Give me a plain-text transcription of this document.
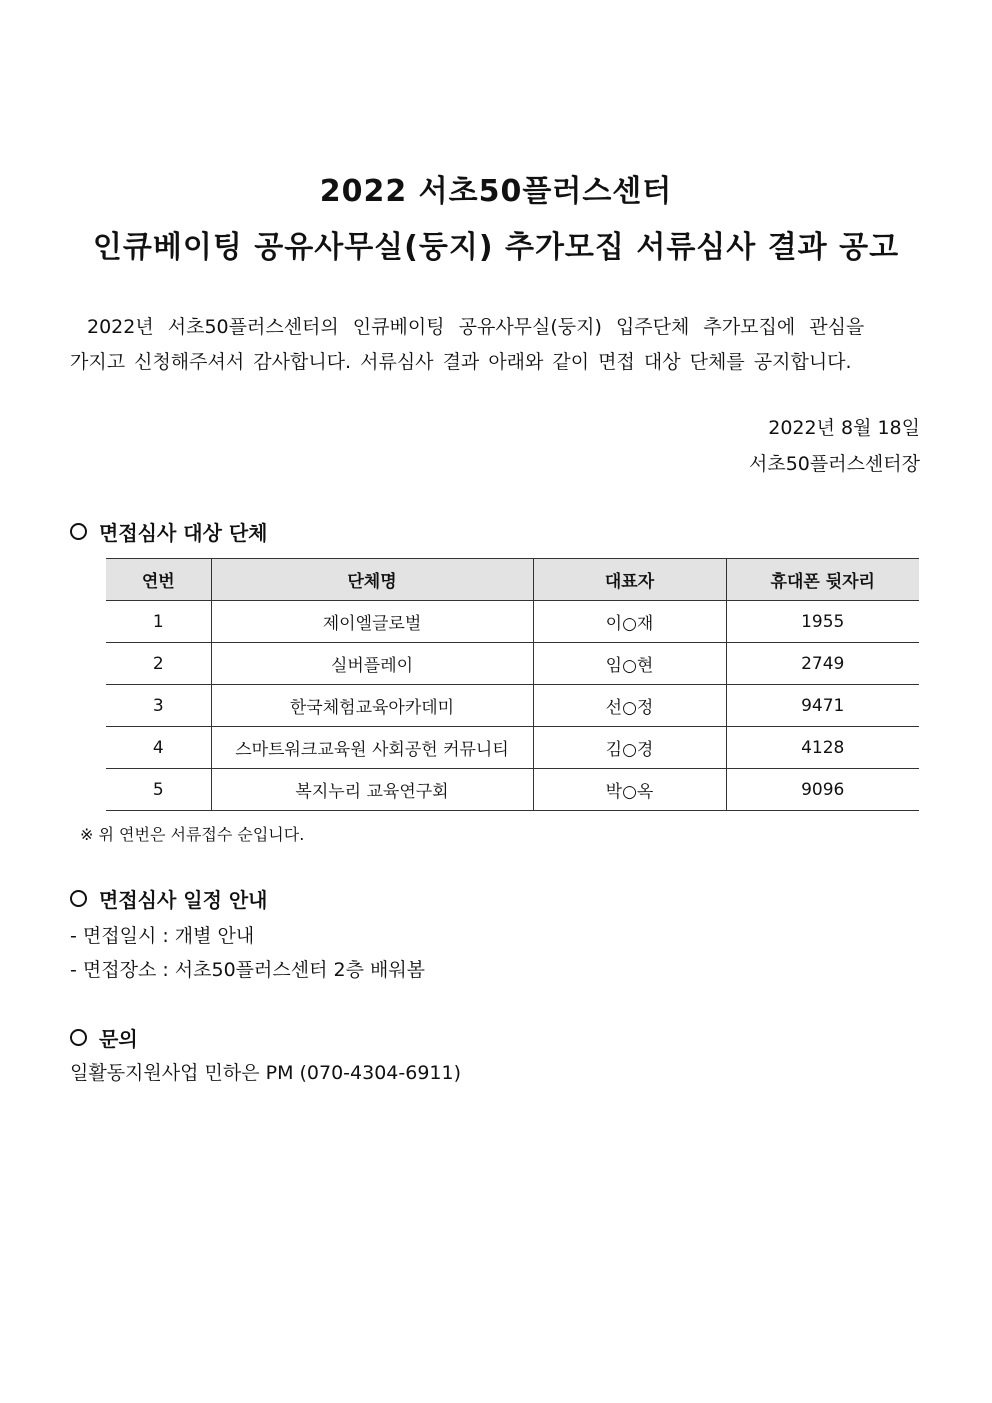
2022 서초50플러스센터
인큐베이팅 공유사무실(둥지) 추가모집 서류심사 결과 공고

2022년 서초50플러스센터의 인큐베이팅 공유사무실(둥지) 입주단체 추가모집에 관심을

가지고 신청해주셔서 감사합니다. 서류심사 결과 아래와 같이 면접 대상 단체를 공지합니다.

2022년 8월 18일
서초50플러스센터장
면접심사 대상 단체
연번	단체명	대표자	휴대폰 뒷자리
1	제이엘글로벌	이○재	1955
2	실버플레이	임○현	2749
3	한국체험교육아카데미	선○정	9471
4	스마트워크교육원 사회공헌 커뮤니티	김○경	4128
5	복지누리 교육연구회	박○옥	9096
※ 위 연번은 서류접수 순입니다.
면접심사 일정 안내
- 면접일시 : 개별 안내
- 면접장소 : 서초50플러스센터 2층 배워봄
문의
일활동지원사업 민하은 PM (070-4304-6911)
